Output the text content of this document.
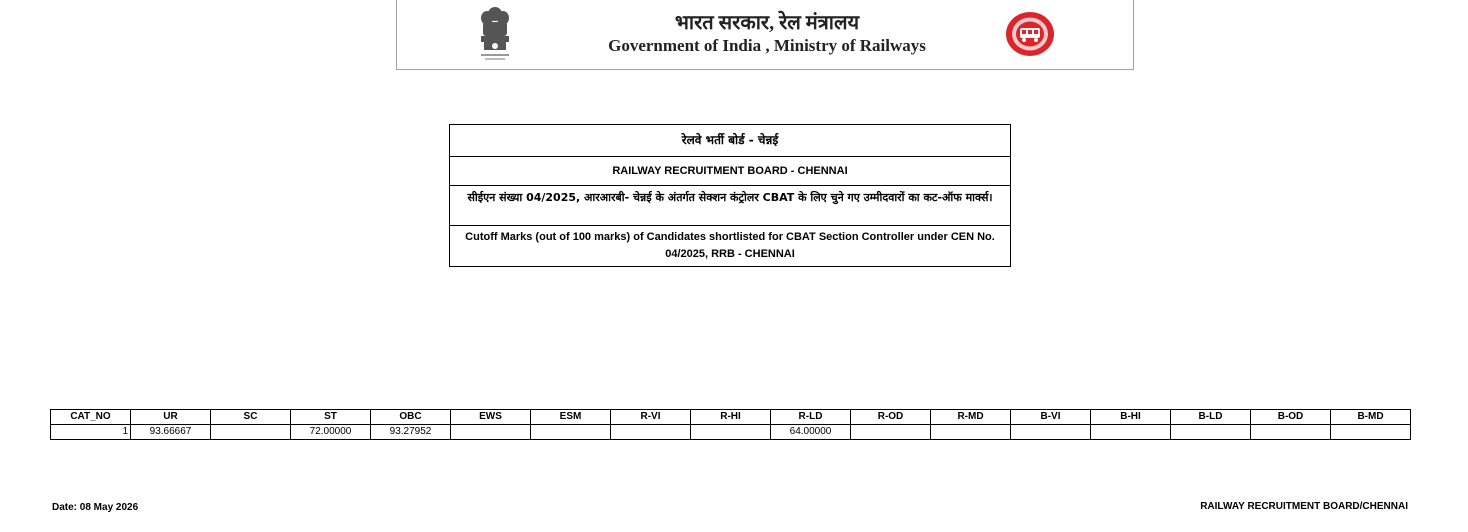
भारत सरकार, रेल मंत्रालय
Government of India , Ministry of Railways
रेलवे भर्ती बोर्ड - चेन्नई
RAILWAY RECRUITMENT BOARD - CHENNAI
सीईएन संख्या 04/2025, आरआरबी- चेन्नई के अंतर्गत सेक्शन कंट्रोलर CBAT के लिए चुने गए उम्मीदवारों का कट-ऑफ मार्क्स।
Cutoff Marks (out of 100 marks) of Candidates shortlisted for CBAT Section Controller under CEN No. 04/2025, RRB - CHENNAI
CAT_NO	UR	SC	ST	OBC	EWS	ESM	R-VI	R-HI	R-LD	R-OD	R-MD	B-VI	B-HI	B-LD	B-OD	B-MD
1	93.66667		72.00000	93.27952					64.00000							
Date: 08 May 2026	RAILWAY RECRUITMENT BOARD/CHENNAI
